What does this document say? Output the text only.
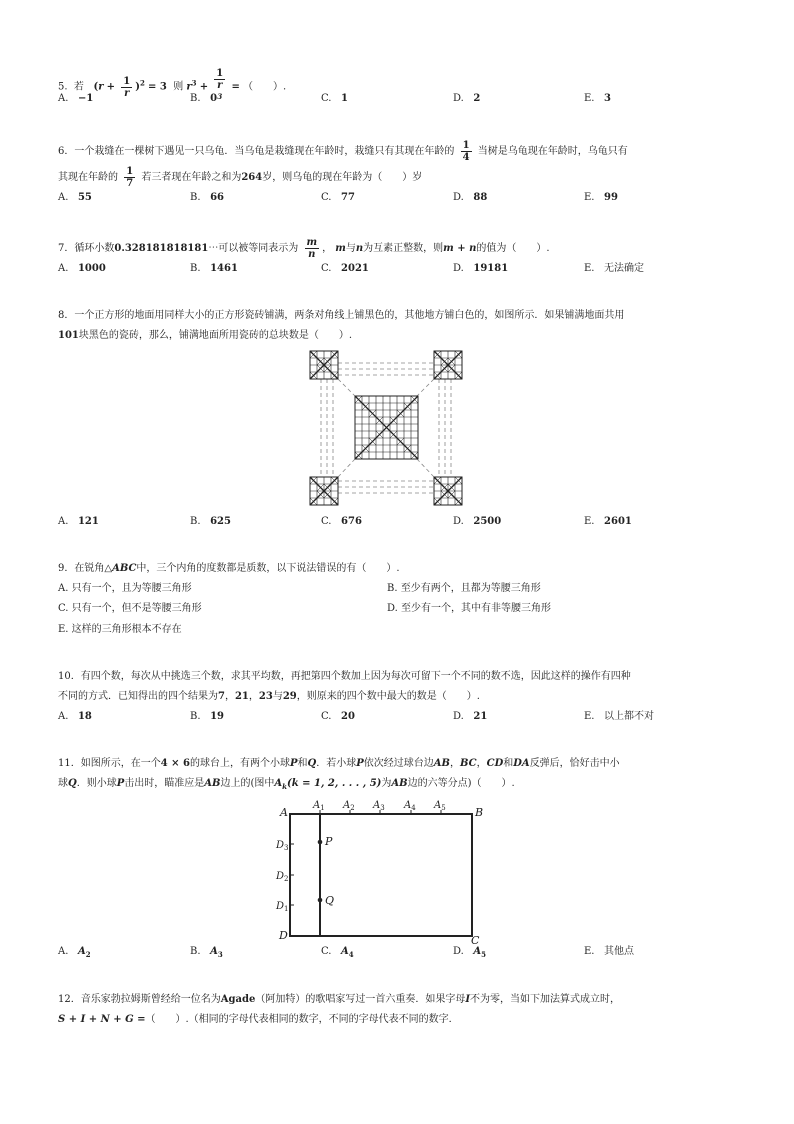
5. 若 $(r + \frac{1}{r} )^2 = 3$ 则 $r^3 + 1$
r
$^3$ = （　　）.
A. −1	B. 0	C. 1	D. 2	E. 3
6．一个栽缝在一棵树下遇见一只乌龟．当乌龟是栽缝现在年龄时，栽缝只有其现在年龄的 $\frac{1}{4}$ 当树是乌龟现在年龄时，乌龟只有
其现在年龄的 $\frac{1}{7}$ 若三者现在年龄之和为264岁，则乌龟的现在年龄为（　　）岁
A. 55	B. 66	C. 77	D. 88	E. 99
7．循环小数0.328181818181⋯可以被等同表示为 $\frac{m}{n}$ ， m与n为互素正整数，则m + n的值为（　　）.
A. 1000	B. 1461	C. 2021	D. 19181	E. 无法确定
8．一个正方形的地面用同样大小的正方形瓷砖铺满，两条对角线上铺黑色的，其他地方铺白色的，如图所示．如果铺满地面共用
101块黑色的瓷砖，那么，铺满地面所用瓷砖的总块数是（　　）.
A. 121	B. 625	C. 676	D. 2500	E. 2601
9．在锐角△ABC中，三个内角的度数都是质数，以下说法错误的有（　　）.
A. 只有一个，且为等腰三角形	B. 至少有两个，且都为等腰三角形
C. 只有一个，但不是等腰三角形	D. 至少有一个，其中有非等腰三角形
E. 这样的三角形根本不存在
10．有四个数，每次从中挑选三个数，求其平均数，再把第四个数加上因为每次可留下一个不同的数不选，因此这样的操作有四种
不同的方式．已知得出的四个结果为7，21，23与29，则原来的四个数中最大的数是（　　）.
A. 18	B. 19	C. 20	D. 21	E. 以上都不对
11．如图所示，在一个4 × 6的球台上，有两个小球P和Q．若小球P依次经过球台边AB，BC，CD和DA反弹后，恰好击中小
球Q．则小球P击出时，瞄准应是AB边上的(图中$A_k(k = 1$, 2, . . . , 5)为AB边的六等分点)（　　）.
A	B
C
D
P
Q
$A_1$ $A_2$ $A_3$ $A_4$ $A_5$
$D_3$
$D_2$
$D_1$
A. $A_2$	B. $A_3$	C. $A_4$	D. $A_5$	E. 其他点
12．音乐家勃拉姆斯曾经给一位名为Agade（阿加特）的歌唱家写过一首六重奏．如果字母I不为零，当如下加法算式成立时，
S + I + N + G =（　　）.（相同的字母代表相同的数字，不同的字母代表不同的数字．
